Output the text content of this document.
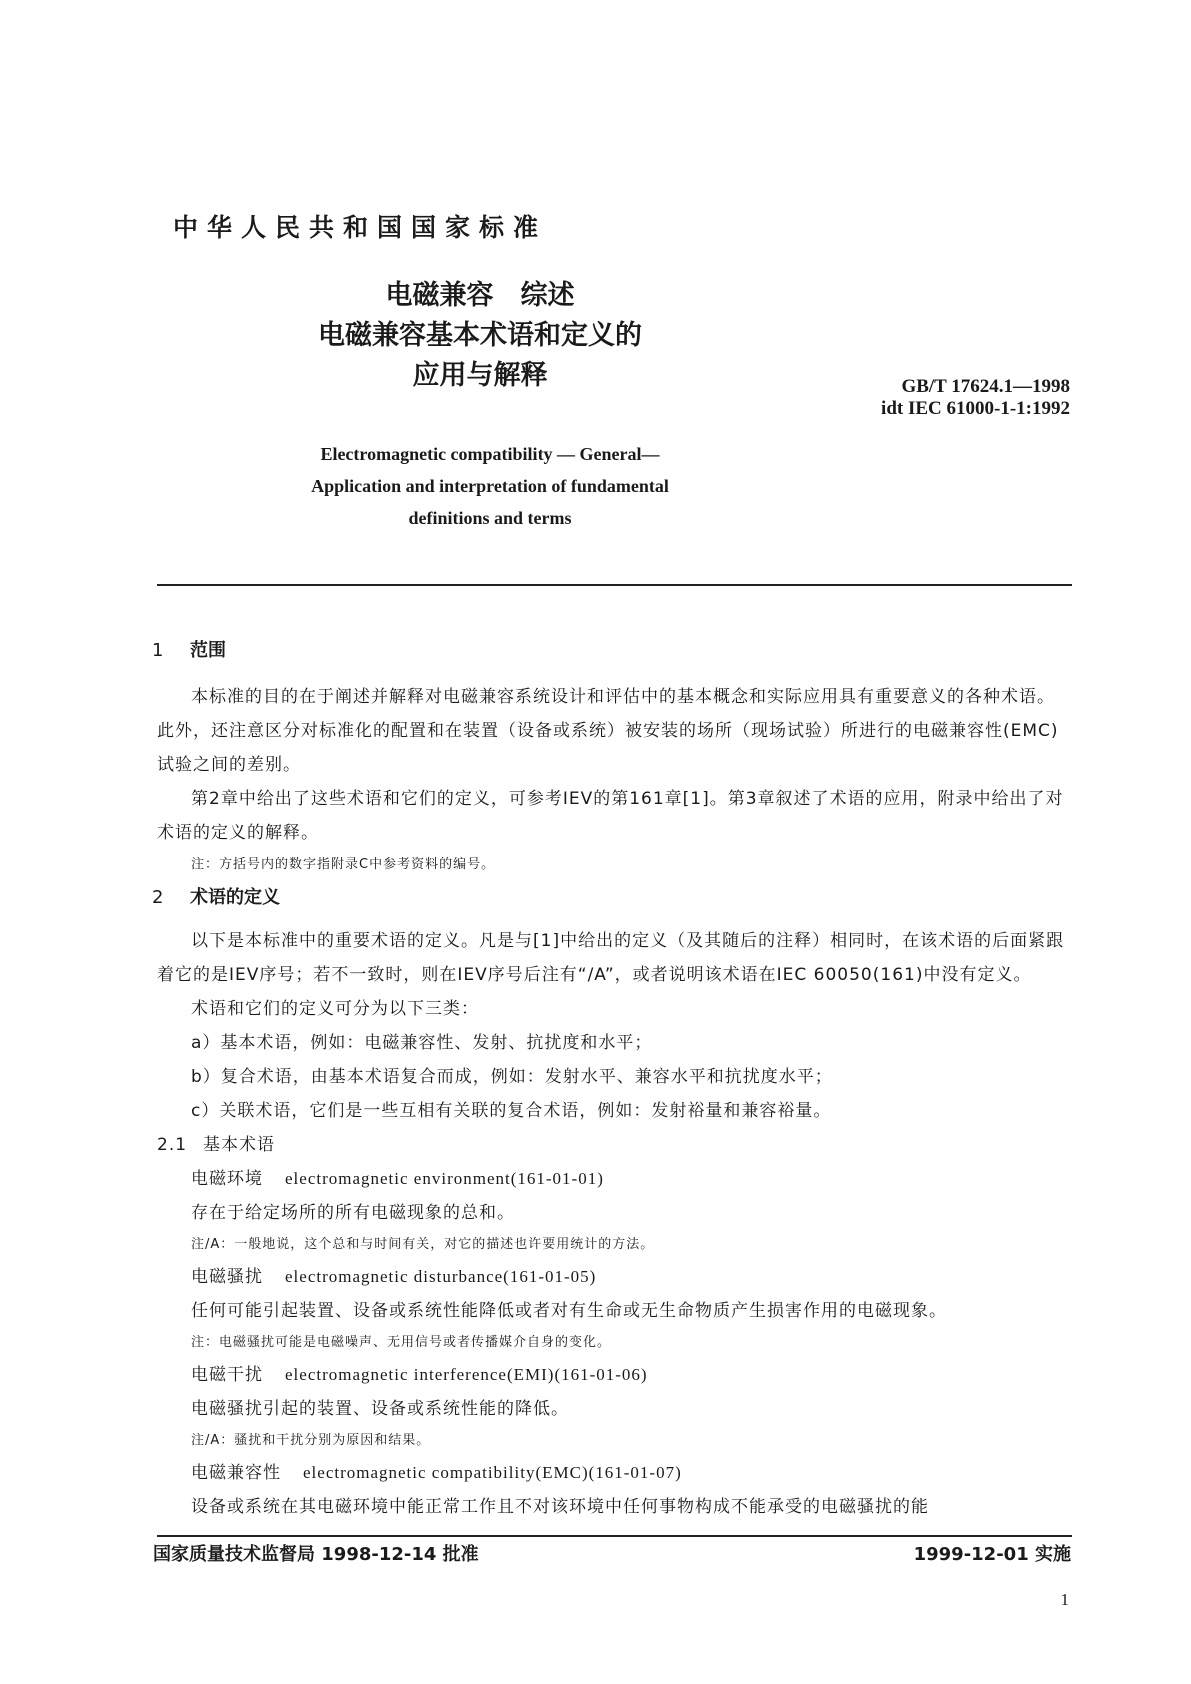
中华人民共和国国家标准
电磁兼容　综述
电磁兼容基本术语和定义的
应用与解释	GB/T 17624.1—1998
idt IEC 61000-1-1:1992
Electromagnetic compatibility — General—
Application and interpretation of fundamental
definitions and terms
1 范围

本标准的目的在于阐述并解释对电磁兼容系统设计和评估中的基本概念和实际应用具有重要意义的各种术语。此外，还注意区分对标准化的配置和在装置（设备或系统）被安装的场所（现场试验）所进行的电磁兼容性(EMC)试验之间的差别。

第2章中给出了这些术语和它们的定义，可参考IEV的第161章[1]。第3章叙述了术语的应用，附录中给出了对术语的定义的解释。

注：方括号内的数字指附录C中参考资料的编号。

2 术语的定义

以下是本标准中的重要术语的定义。凡是与[1]中给出的定义（及其随后的注释）相同时，在该术语的后面紧跟着它的是IEV序号；若不一致时，则在IEV序号后注有“/A”，或者说明该术语在IEC 60050(161)中没有定义。

术语和它们的定义可分为以下三类：

a）基本术语，例如：电磁兼容性、发射、抗扰度和水平；

b）复合术语，由基本术语复合而成，例如：发射水平、兼容水平和抗扰度水平；

c）关联术语，它们是一些互相有关联的复合术语，例如：发射裕量和兼容裕量。

2.1 基本术语

电磁环境 electromagnetic environment(161-01-01)

存在于给定场所的所有电磁现象的总和。

注/A：一般地说，这个总和与时间有关，对它的描述也许要用统计的方法。

电磁骚扰 electromagnetic disturbance(161-01-05)

任何可能引起装置、设备或系统性能降低或者对有生命或无生命物质产生损害作用的电磁现象。

注：电磁骚扰可能是电磁噪声、无用信号或者传播媒介自身的变化。

电磁干扰 electromagnetic interference(EMI)(161-01-06)

电磁骚扰引起的装置、设备或系统性能的降低。

注/A：骚扰和干扰分别为原因和结果。

电磁兼容性 electromagnetic compatibility(EMC)(161-01-07)

设备或系统在其电磁环境中能正常工作且不对该环境中任何事物构成不能承受的电磁骚扰的能

国家质量技术监督局 1998-12-14 批准	1999-12-01 实施
1
